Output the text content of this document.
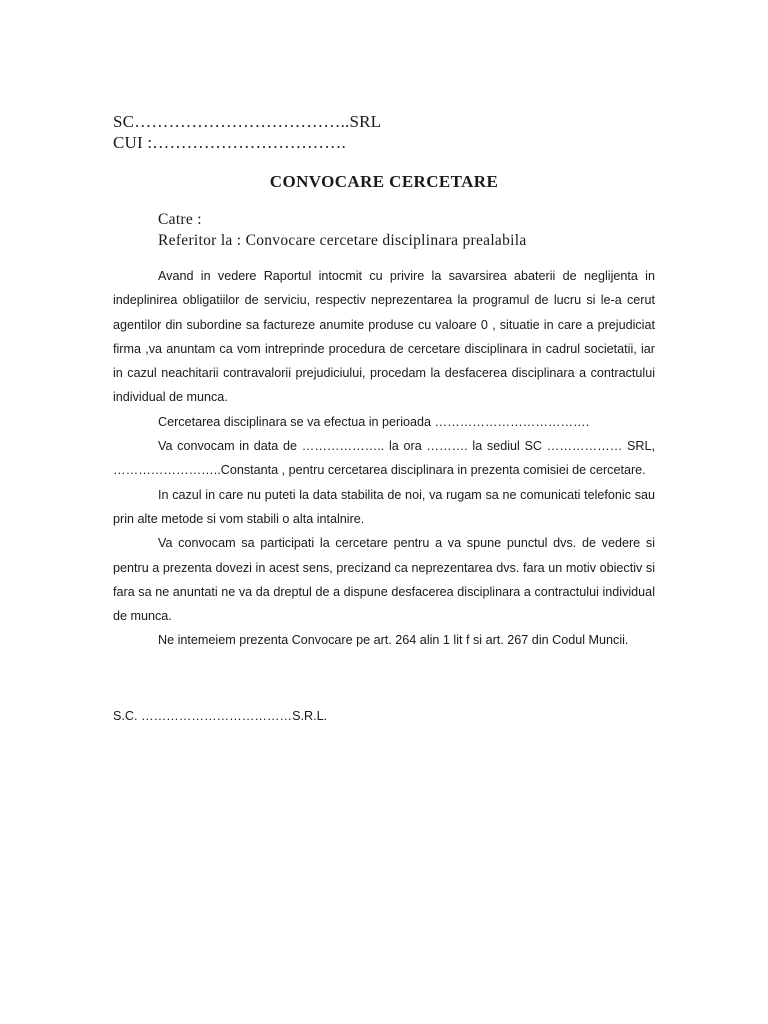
SC………………………………..SRL
CUI :…………………………….
CONVOCARE CERCETARE
Catre :
Referitor la : Convocare cercetare disciplinara prealabila

Avand in vedere Raportul intocmit cu privire la savarsirea abaterii de neglijenta in indeplinirea obligatiilor de serviciu, respectiv neprezentarea la programul de lucru si le-a cerut agentilor din subordine sa factureze anumite produse cu valoare 0 , situatie in care a prejudiciat firma ,va anuntam ca vom intreprinde procedura de cercetare disciplinara in cadrul societatii, iar in cazul neachitarii contravalorii prejudiciului, procedam la desfacerea disciplinara a contractului individual de munca.

Cercetarea disciplinara se va efectua in perioada ……………………………….

Va convocam in data de ……………….. la ora ………. la sediul SC ……………… SRL, ……………………..Constanta , pentru cercetarea disciplinara in prezenta comisiei de cercetare.

In cazul in care nu puteti la data stabilita de noi, va rugam sa ne comunicati telefonic sau prin alte metode si vom stabili o alta intalnire.

Va convocam sa participati la cercetare pentru a va spune punctul dvs. de vedere si pentru a prezenta dovezi in acest sens, precizand ca neprezentarea dvs. fara un motiv obiectiv si fara sa ne anuntati ne va da dreptul de a dispune desfacerea disciplinara a contractului individual de munca.

Ne intemeiem prezenta Convocare pe art. 264 alin 1 lit f si art. 267 din Codul Muncii.

S.C. ………………………………S.R.L.
